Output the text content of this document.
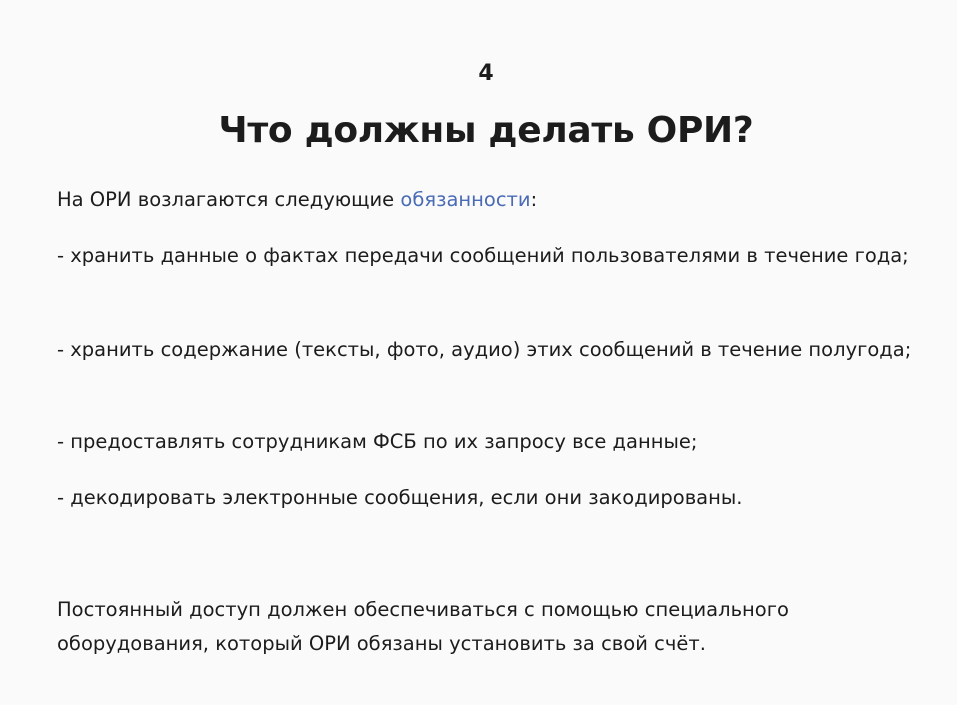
4
Что должны делать ОРИ?

На ОРИ возлагаются следующие обязанности:

- хранить данные о фактах передачи сообщений пользователями в течение года;

- хранить содержание (тексты, фото, аудио) этих сообщений в течение полугода;

- предоставлять сотрудникам ФСБ по их запросу все данные;

- декодировать электронные сообщения, если они закодированы.

Постоянный доступ должен обеспечиваться с помощью специального оборудования, который ОРИ обязаны установить за свой счёт.
